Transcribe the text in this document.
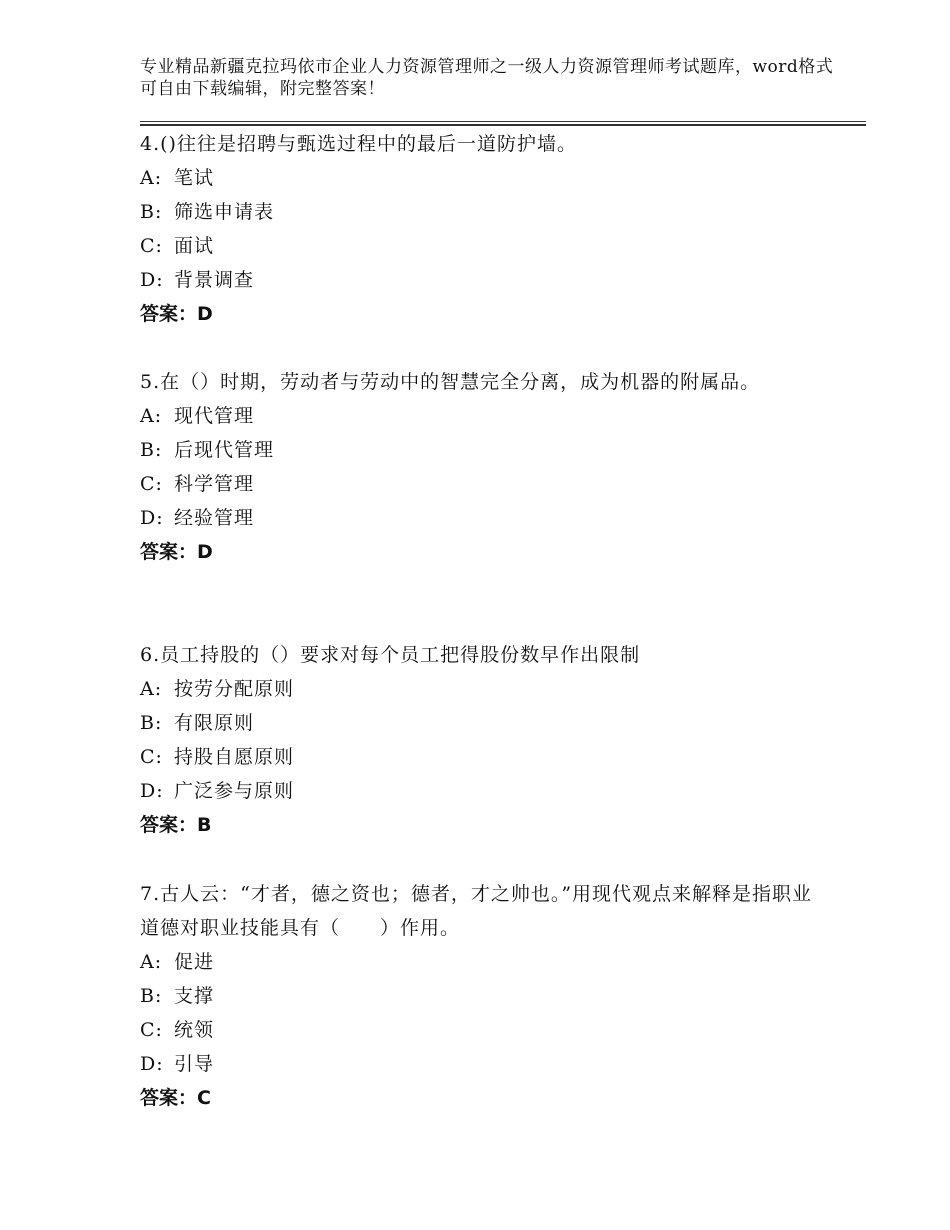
专业精品新疆克拉玛依市企业人力资源管理师之一级人力资源管理师考试题库，word格式可自由下载编辑，附完整答案！

4.()往往是招聘与甄选过程中的最后一道防护墙。

A: 笔试

B: 筛选申请表

C: 面试

D: 背景调查

答案：D

5.在（）时期，劳动者与劳动中的智慧完全分离，成为机器的附属品。

A: 现代管理

B: 后现代管理

C: 科学管理

D: 经验管理

答案：D

6.员工持股的（）要求对每个员工把得股份数早作出限制

A: 按劳分配原则

B: 有限原则

C: 持股自愿原则

D: 广泛参与原则

答案：B

7.古人云：“才者，德之资也；德者，才之帅也。”用现代观点来解释是指职业道德对职业技能具有（　　）作用。

A: 促进

B: 支撑

C: 统领

D: 引导

答案：C
